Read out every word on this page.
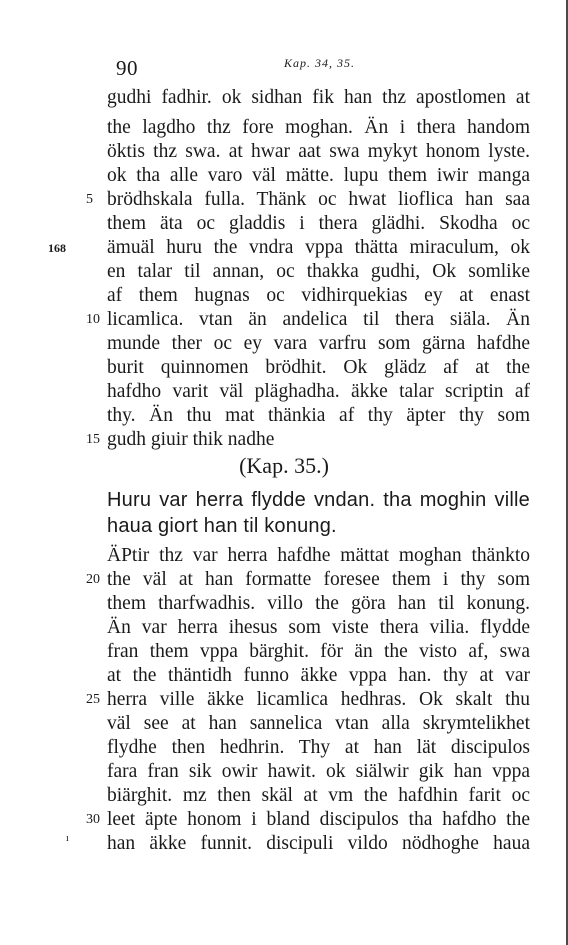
90	Kap. 34, 35.
gudhi fadhir. ok sidhan fik han thz apostlomen at
the lagdho thz fore moghan. Än i thera handom
öktis thz swa. at hwar aat swa mykyt honom lyste.
ok tha alle varo väl mätte. lupu them iwir manga
5 brödhskala fulla. Thänk oc hwat lioflica han saa
them äta oc gladdis i thera glädhi. Skodha oc
168 ämuäl huru the vndra vppa thätta miraculum, ok
en talar til annan, oc thakka gudhi, Ok somlike
af them hugnas oc vidhirquekias ey at enast
10 licamlica. vtan än andelica til thera siäla. Än
munde ther oc ey vara varfru som gärna hafdhe
burit quinnomen brödhit. Ok glädz af at the
hafdho varit väl pläghadha. äkke talar scriptin af
thy. Än thu mat thänkia af thy äpter thy som
15 gudh giuir thik nadhe
(Kap. 35.)
Huru var herra flydde vndan. tha moghin ville
haua giort han til konung.
ÄPtir thz var herra hafdhe mättat moghan thänkto
20 the väl at han formatte foresee them i thy som
them tharfwadhis. villo the göra han til konung.
Än var herra ihesus som viste thera vilia. flydde
fran them vppa bärghit. för än the visto af, swa
at the thäntidh funno äkke vppa han. thy at var
25 herra ville äkke licamlica hedhras. Ok skalt thu
väl see at han sannelica vtan alla skrymtelikhet
flydhe then hedhrin. Thy at han lät discipulos
fara fran sik owir hawit. ok siälwir gik han vppa
biärghit. mz then skäl at vm the hafdhin farit oc
30 leet äpte honom i bland discipulos tha hafdho the
han äkke funnit. discipuli vildo nödhoghe haua
ı
